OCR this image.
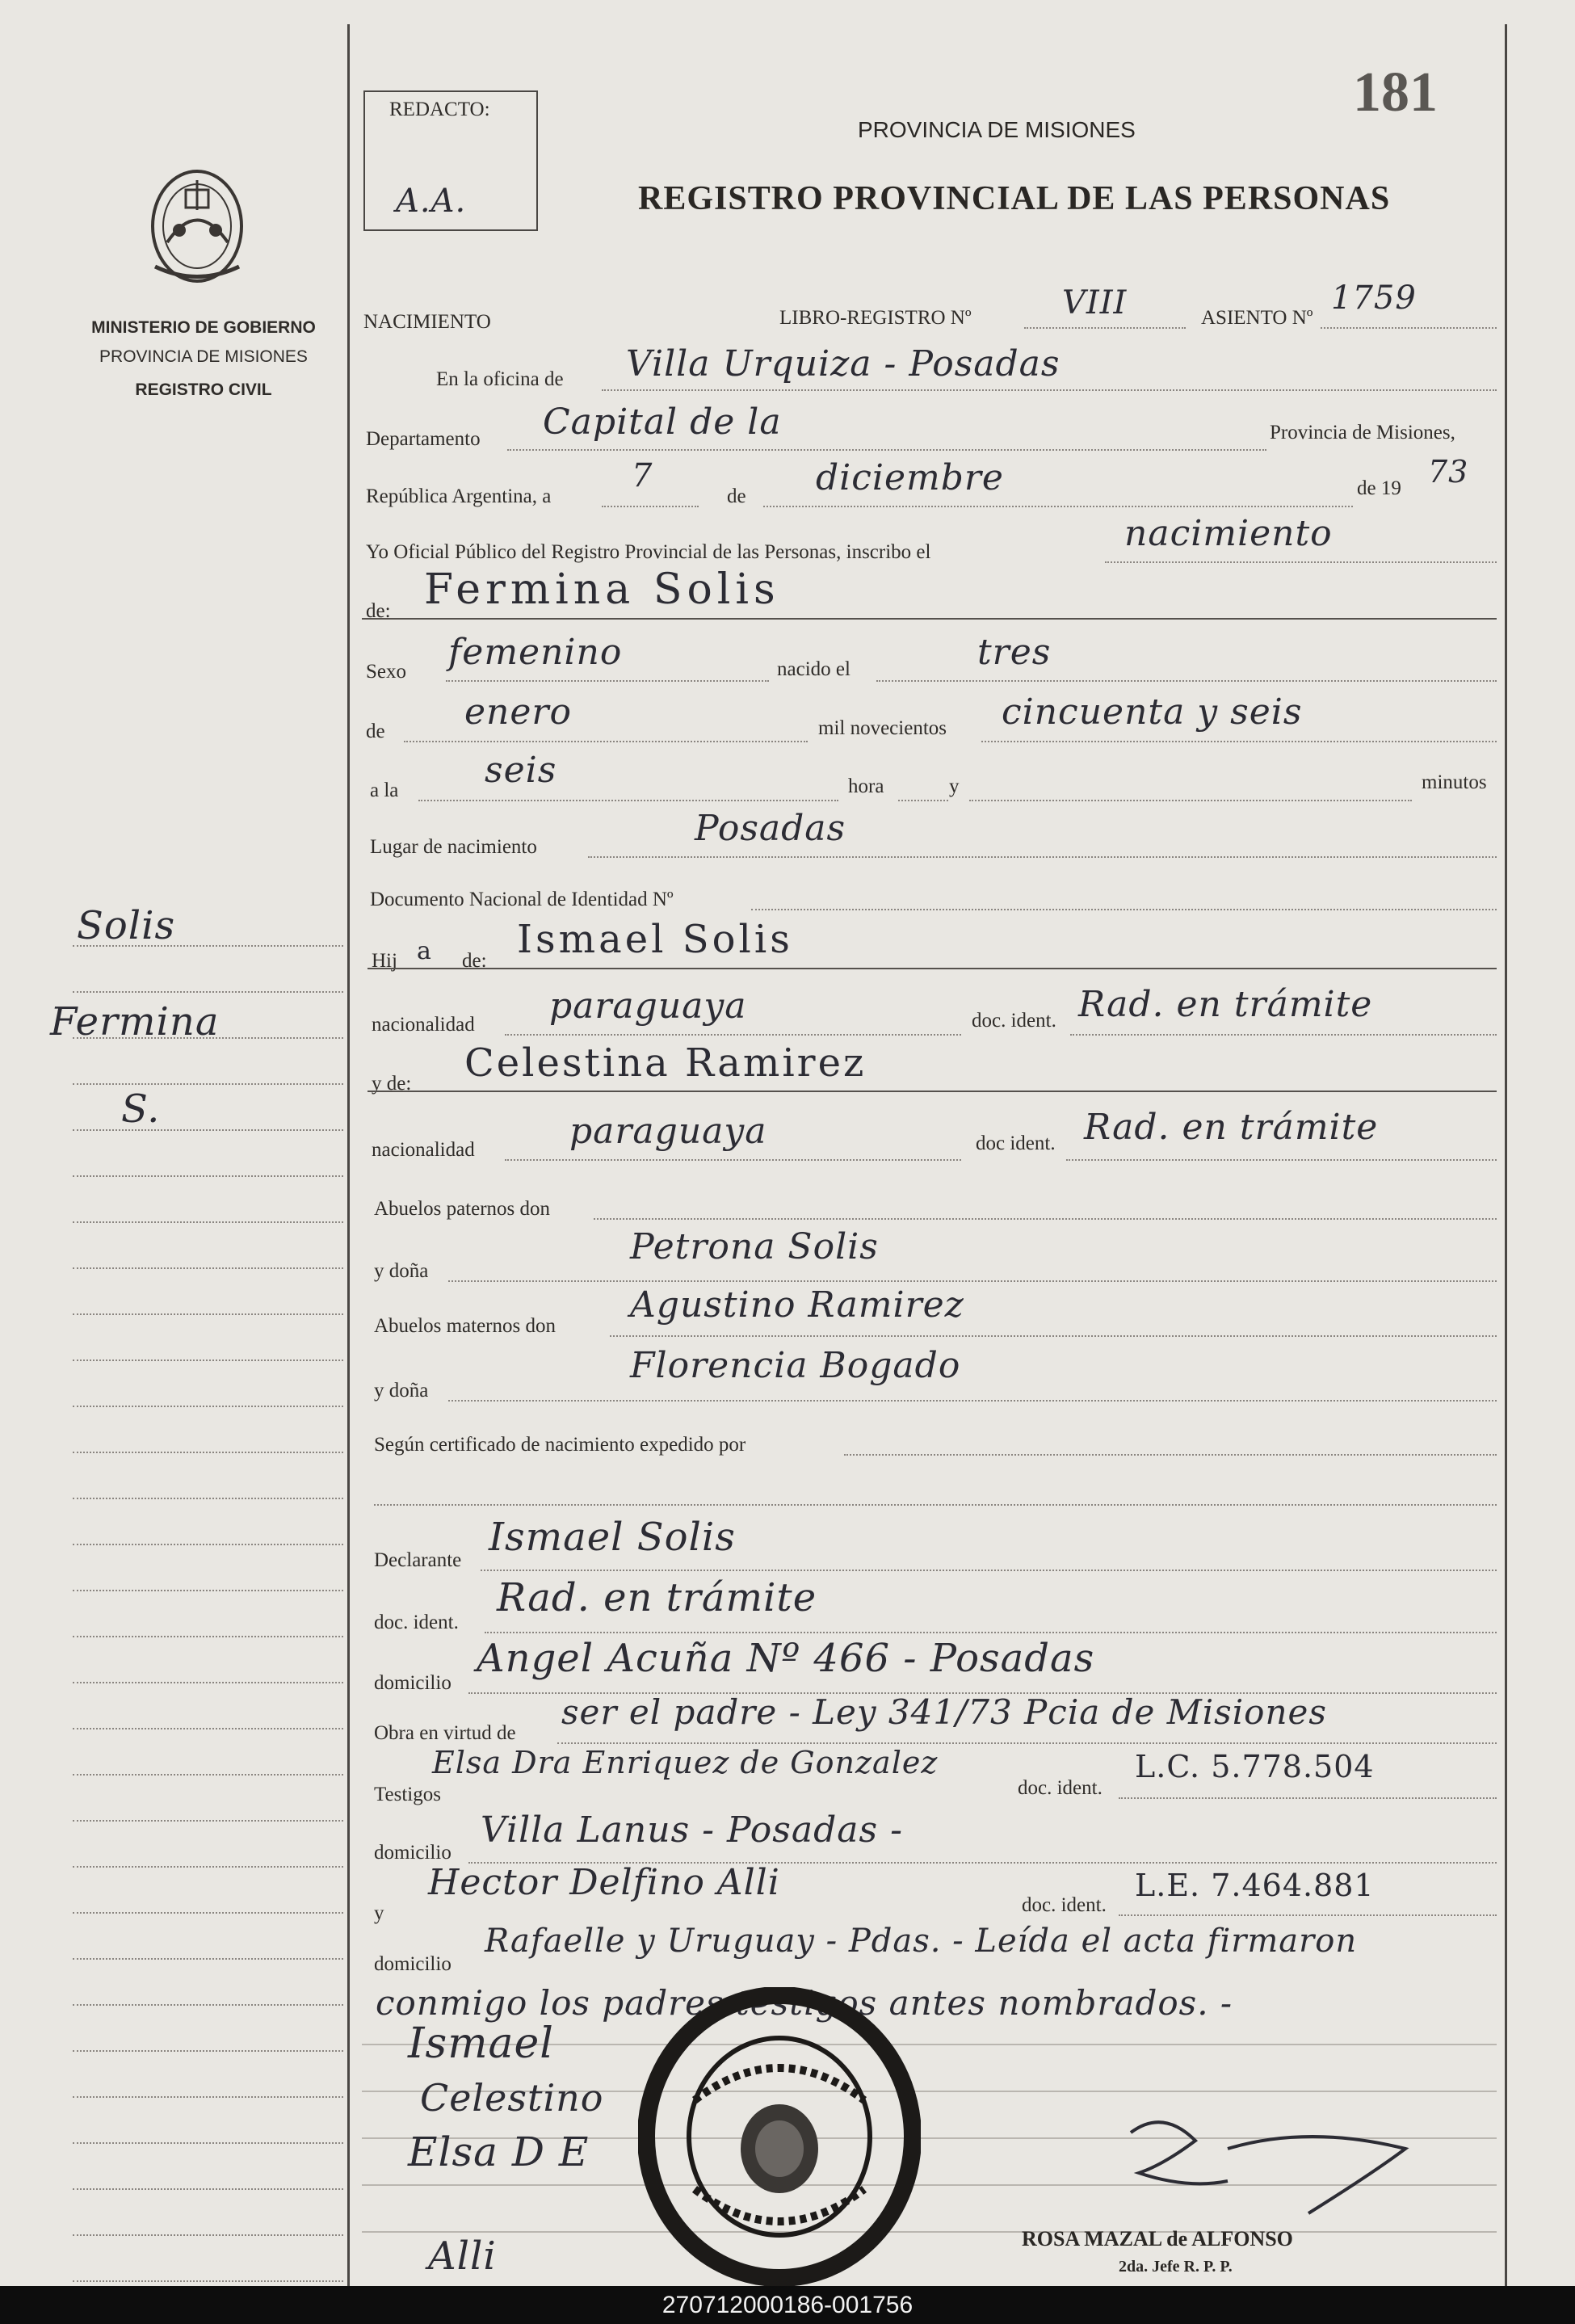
MINISTERIO DE GOBIERNO
PROVINCIA DE MISIONES
REGISTRO CIVIL
Solis
Fermina
S.
REDACTO:
A.A.
181
PROVINCIA DE MISIONES
REGISTRO PROVINCIAL DE LAS PERSONAS
NACIMIENTO	LIBRO-REGISTRO Nº	VIII	ASIENTO Nº
1759
En la oficina de Villa Urquiza - Posadas
Departamento Capital de la	Provincia de Misiones,
República Argentina, a
7
de diciembre	de 19 73
Yo Oficial Público del Registro Provincial de las Personas, inscribo el	nacimiento
de: Fermina Solis
Sexo femenino	nacido el	tres
de enero	mil novecientos cincuenta y seis
a la seis	hora	y	minutos
Lugar de nacimiento	Posadas
Documento Nacional de Identidad Nº
Hij a de: Ismael Solis
nacionalidad paraguaya	doc. ident. Rad. en trámite
y de: Celestina Ramirez
nacionalidad	paraguaya	doc ident. Rad. en trámite
Abuelos paternos don
y doña
Petrona Solis
Abuelos maternos don
Agustino Ramirez
y doña
Florencia Bogado
Según certificado de nacimiento expedido por
Declarante
Ismael Solis
doc. ident.
Rad. en trámite
domicilio
Angel Acuña Nº 466 - Posadas
Obra en virtud de
ser el padre - Ley 341/73 Pcia de Misiones
Testigos
Elsa Dra Enriquez de Gonzalez
doc. ident.
L.C. 5.778.504
domicilio
Villa Lanus - Posadas -
y
Hector Delfino Alli
doc. ident.
L.E. 7.464.881
domicilio
Rafaelle y Uruguay - Pdas. - Leída el acta firmaron
conmigo los padres testigos antes nombrados. -
Ismael
Celestino
Elsa D E
Alli	ROSA MAZAL de ALFONSO
2da. Jefe R. P. P.
270712000186-001756
